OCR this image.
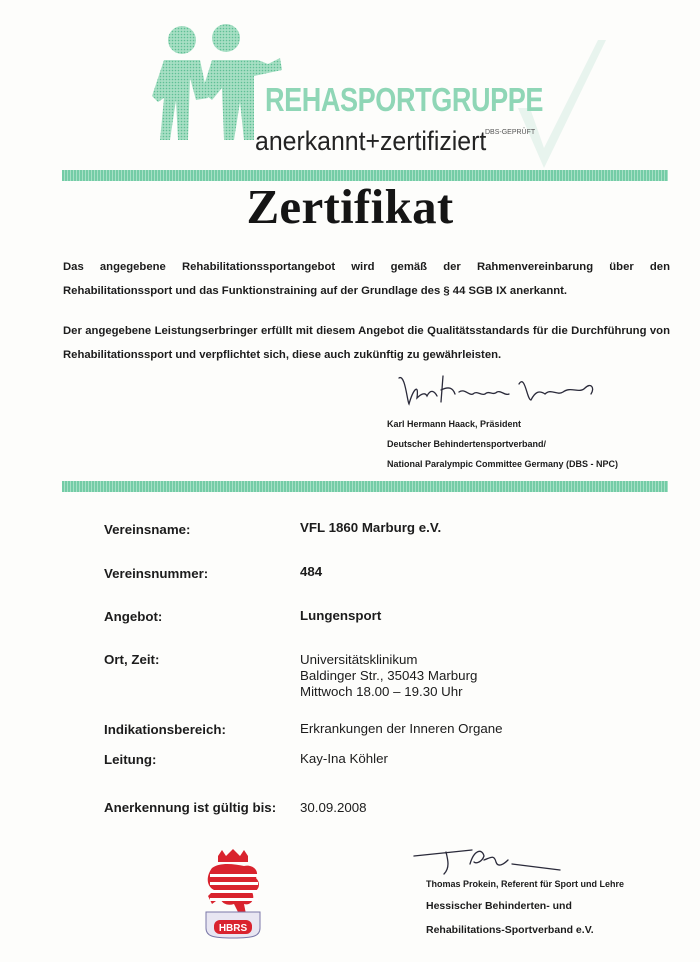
REHASPORTGRUPPE
anerkannt+zertifiziert
DBS-GEPRÜFT
Zertifikat
Das angegebene Rehabilitationssportangebot wird gemäß der Rahmenvereinbarung über den Rehabilitationssport und das Funktionstraining auf der Grundlage des § 44 SGB IX anerkannt.
Der angegebene Leistungserbringer erfüllt mit diesem Angebot die Qualitätsstandards für die Durchführung von Rehabilitationssport und verpflichtet sich, diese auch zukünftig zu gewährleisten.
Karl Hermann Haack, Präsident
Deutscher Behindertensportverband/
National Paralympic Committee Germany (DBS - NPC)
Vereinsname:	VFL 1860 Marburg e.V.
Vereinsnummer:	484
Angebot:	Lungensport
Ort, Zeit:	Universitätsklinikum
Baldinger Str., 35043 Marburg
Mittwoch 18.00 – 19.30 Uhr
Indikationsbereich:	Erkrankungen der Inneren Organe
Leitung:	Kay-Ina Köhler
Anerkennung ist gültig bis: 30.09.2008
HBRS
Thomas Prokein, Referent für Sport und Lehre
Hessischer Behinderten- und
Rehabilitations-Sportverband e.V.
